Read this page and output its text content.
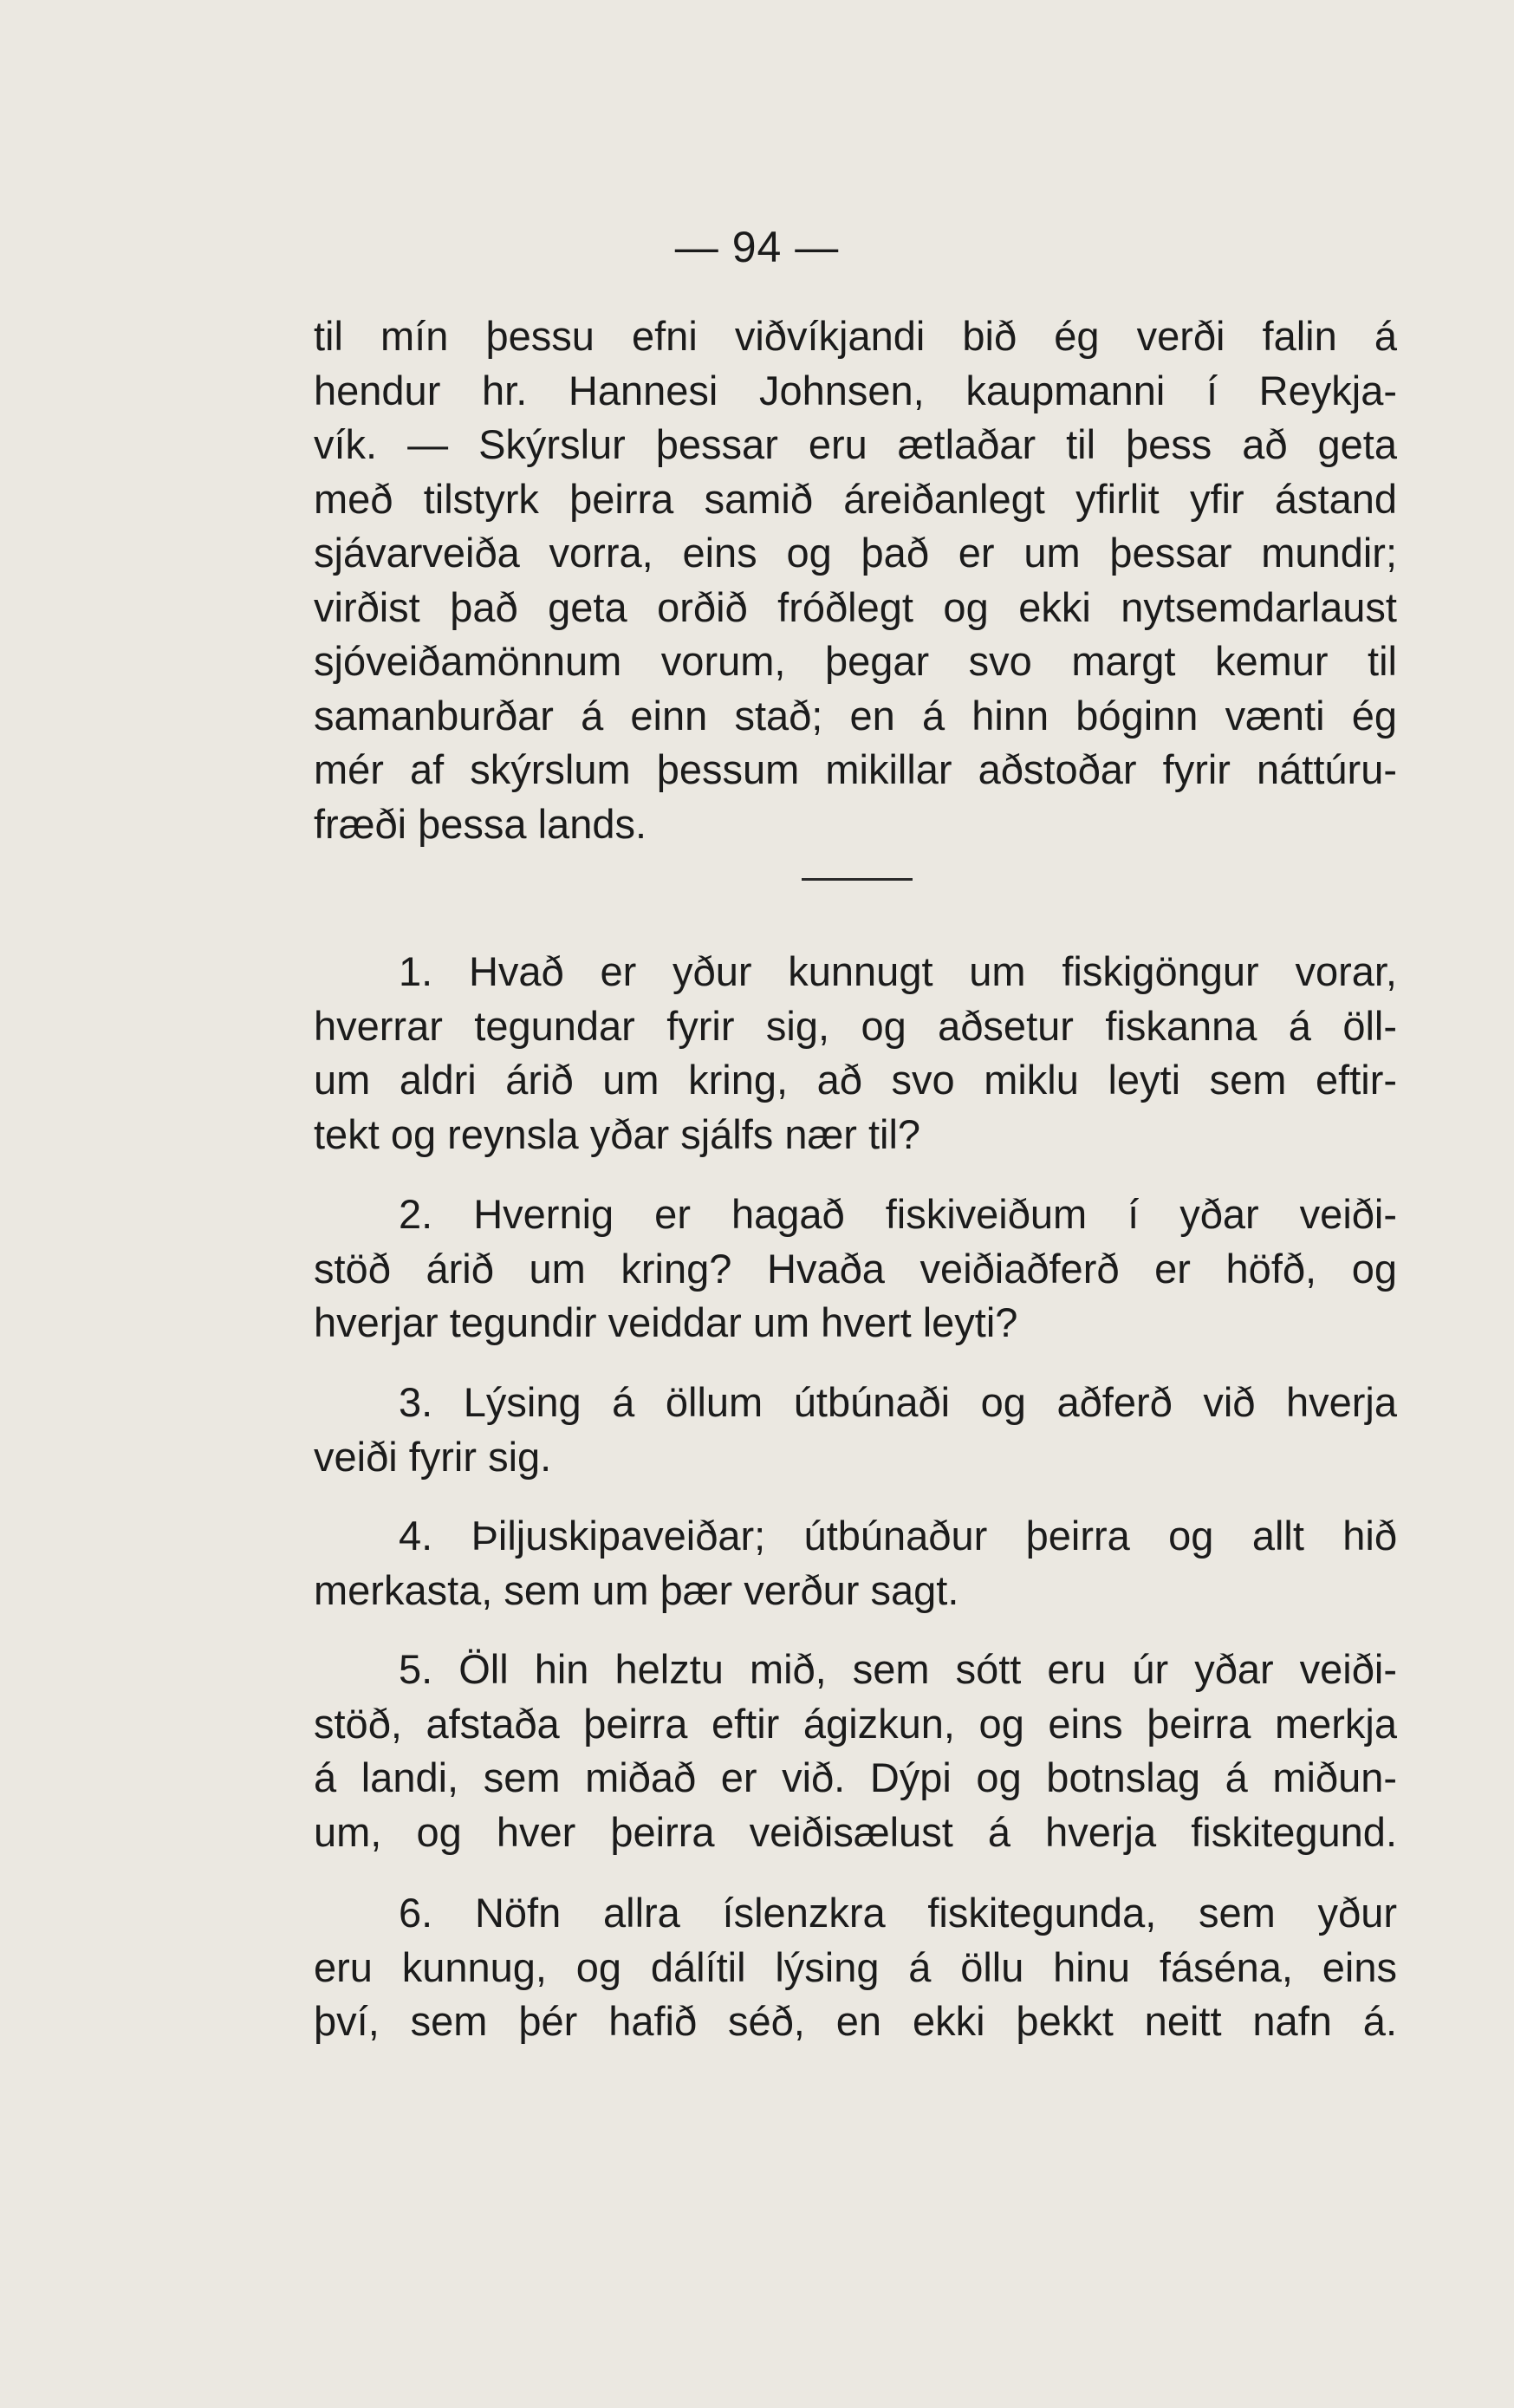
— 94 —
til mín þessu efni viðvíkjandi bið ég verði falin á
hendur hr. Hannesi Johnsen, kaupmanni í Reykja-
vík. — Skýrslur þessar eru ætlaðar til þess að geta
með tilstyrk þeirra samið áreiðanlegt yfirlit yfir ástand
sjávarveiða vorra, eins og það er um þessar mundir;
virðist það geta orðið fróðlegt og ekki nytsemdarlaust
sjóveiðamönnum vorum, þegar svo margt kemur til
samanburðar á einn stað; en á hinn bóginn vænti ég
mér af skýrslum þessum mikillar aðstoðar fyrir náttúru-
fræði þessa lands.
1. Hvað er yður kunnugt um fiskigöngur vorar,
hverrar tegundar fyrir sig, og aðsetur fiskanna á öll-
um aldri árið um kring, að svo miklu leyti sem eftir-
tekt og reynsla yðar sjálfs nær til?
2. Hvernig er hagað fiskiveiðum í yðar veiði-
stöð árið um kring? Hvaða veiðiaðferð er höfð, og
hverjar tegundir veiddar um hvert leyti?
3. Lýsing á öllum útbúnaði og aðferð við hverja
veiði fyrir sig.
4. Þiljuskipaveiðar; útbúnaður þeirra og allt hið
merkasta, sem um þær verður sagt.
5. Öll hin helztu mið, sem sótt eru úr yðar veiði-
stöð, afstaða þeirra eftir ágizkun, og eins þeirra merkja
á landi, sem miðað er við. Dýpi og botnslag á miðun-
um, og hver þeirra veiðisælust á hverja fiskitegund.
6. Nöfn allra íslenzkra fiskitegunda, sem yður
eru kunnug, og dálítil lýsing á öllu hinu fáséna, eins
því, sem þér hafið séð, en ekki þekkt neitt nafn á.
